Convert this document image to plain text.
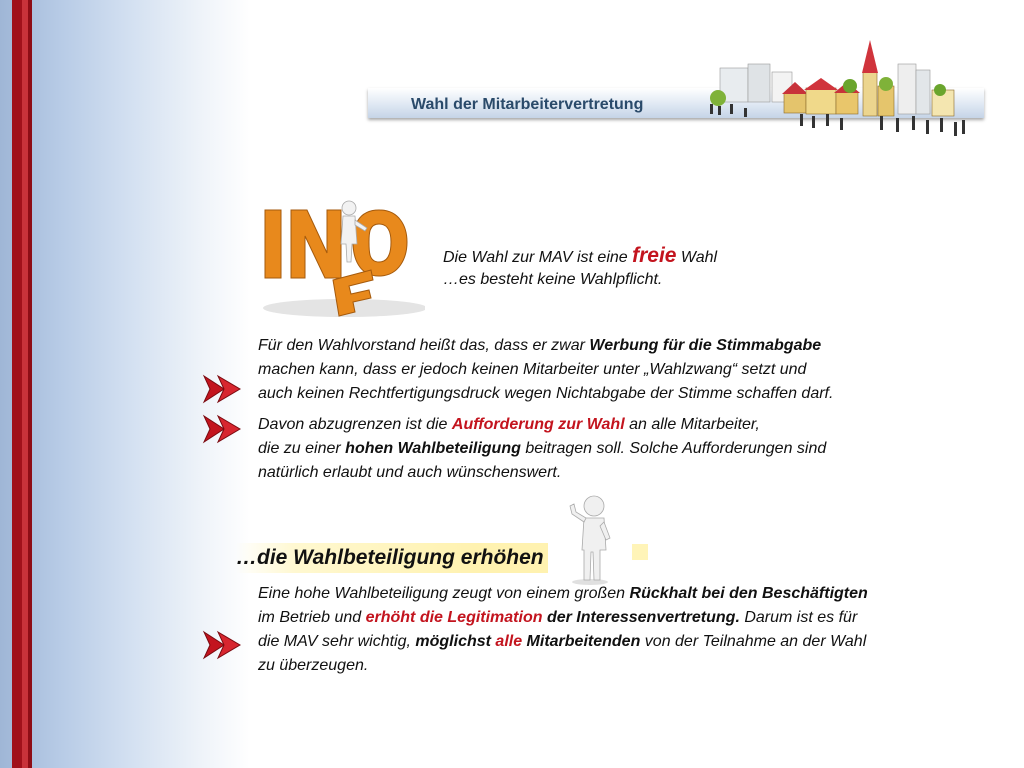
Wahl der Mitarbeitervertretung
Die Wahl zur MAV ist eine freie Wahl
…es besteht keine Wahlpflicht.
Für den Wahlvorstand heißt das, dass er zwar Werbung für die Stimmabgabe
machen kann, dass er jedoch keinen Mitarbeiter unter „Wahlzwang“ setzt und
auch keinen Rechtfertigungsdruck wegen Nichtabgabe der Stimme schaffen darf.
Davon abzugrenzen ist die Aufforderung zur Wahl an alle Mitarbeiter,
die zu einer hohen Wahlbeteiligung beitragen soll. Solche Aufforderungen sind
natürlich erlaubt und auch wünschenswert.
…die Wahlbeteiligung erhöhen
Eine hohe Wahlbeteiligung zeugt von einem großen Rückhalt bei den Beschäftigten
im Betrieb und erhöht die Legitimation der Interessenvertretung. Darum ist es für
die MAV sehr wichtig, möglichst alle Mitarbeitenden von der Teilnahme an der Wahl
zu überzeugen.
